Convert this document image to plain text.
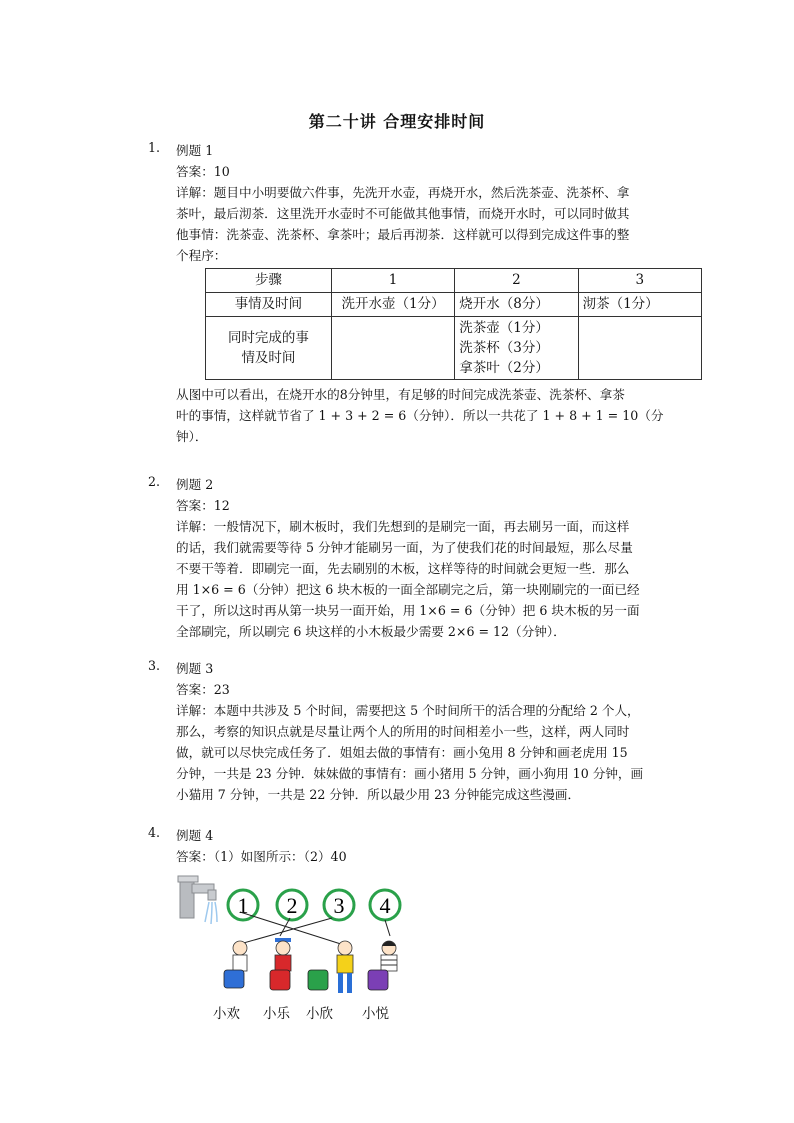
第二十讲 合理安排时间
1.	例题 1
答案：10
详解：题目中小明要做六件事，先洗开水壶，再烧开水，然后洗茶壶、洗茶杯、拿
茶叶，最后沏茶．这里洗开水壶时不可能做其他事情，而烧开水时，可以同时做其
他事情：洗茶壶、洗茶杯、拿茶叶；最后再沏茶．这样就可以得到完成这件事的整
个程序：
步骤	1	2	3
事情及时间	洗开水壶（1分）	烧开水（8分）	沏茶（1分）

同时完成的事情及时间		洗茶壶（1分）
洗茶杯（3分）
拿茶叶（2分）	

从图中可以看出，在烧开水的8分钟里，有足够的时间完成洗茶壶、洗茶杯、拿茶
叶的事情，这样就节省了 1 + 3 + 2 = 6（分钟）．所以一共花了 1 + 8 + 1 = 10（分
钟）．
2.	例题 2
答案：12
详解：一般情况下，刷木板时，我们先想到的是刷完一面，再去刷另一面，而这样
的话，我们就需要等待 5 分钟才能刷另一面，为了使我们花的时间最短，那么尽量
不要干等着．即刷完一面，先去刷别的木板，这样等待的时间就会更短一些．那么
用 1×6 = 6（分钟）把这 6 块木板的一面全部刷完之后，第一块刚刷完的一面已经
干了，所以这时再从第一块另一面开始，用 1×6 = 6（分钟）把 6 块木板的另一面
全部刷完，所以刷完 6 块这样的小木板最少需要 2×6 = 12（分钟）．
3.	例题 3
答案：23
详解：本题中共涉及 5 个时间，需要把这 5 个时间所干的活合理的分配给 2 个人，
那么，考察的知识点就是尽量让两个人的所用的时间相差小一些，这样，两人同时
做，就可以尽快完成任务了．姐姐去做的事情有：画小兔用 8 分钟和画老虎用 15
分钟，一共是 23 分钟．妹妹做的事情有：画小猪用 5 分钟，画小狗用 10 分钟，画
小猫用 7 分钟，一共是 22 分钟．所以最少用 23 分钟能完成这些漫画．
4.	例题 4
答案：（1）如图所示：（2）40
1 2 3 4
小欢 小乐 小欣 小悦
